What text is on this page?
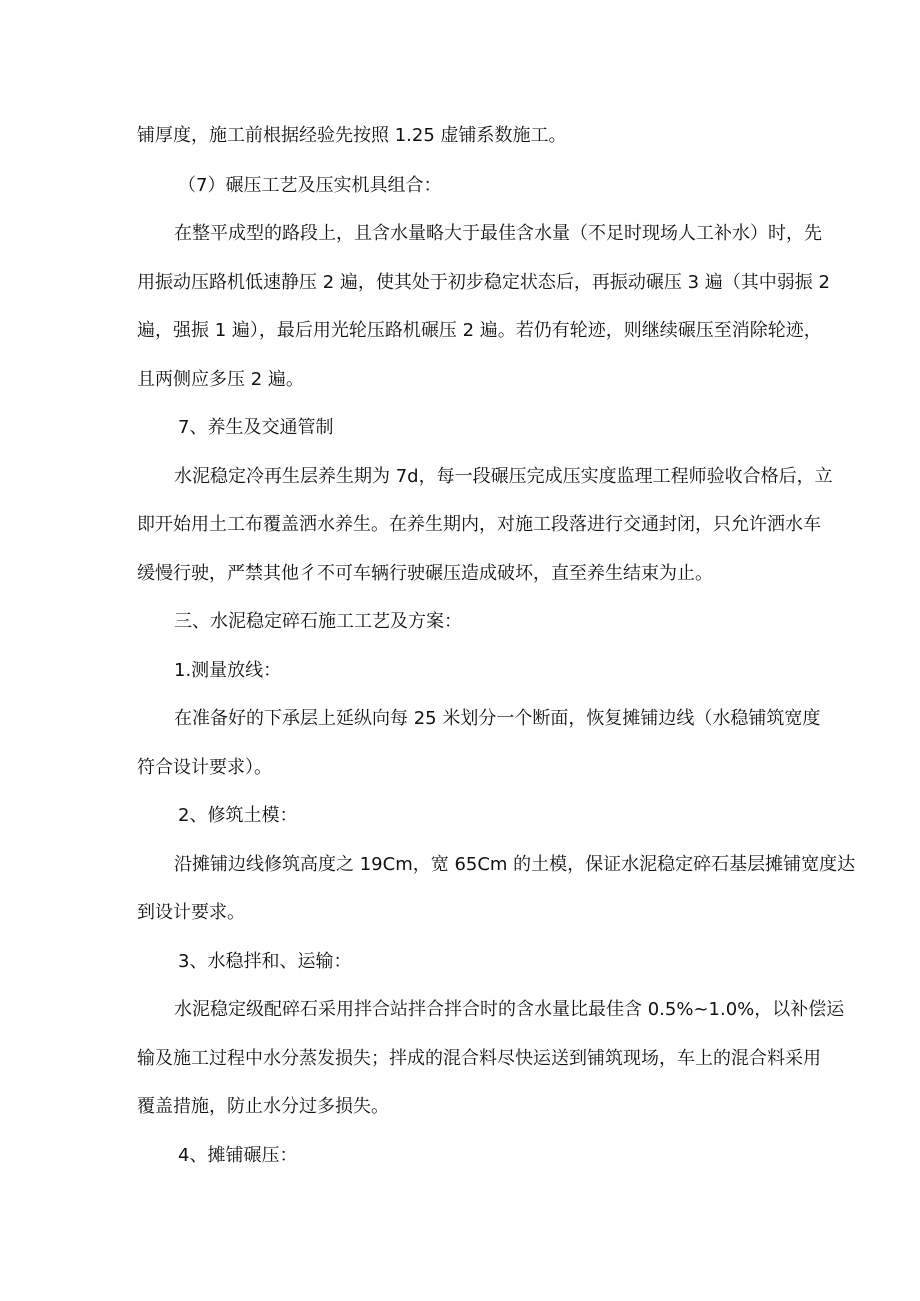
铺厚度，施工前根据经验先按照 1.25 虚铺系数施工。
（7）碾压工艺及压实机具组合：
在整平成型的路段上，且含水量略大于最佳含水量（不足时现场人工补水）时，先
用振动压路机低速静压 2 遍，使其处于初步稳定状态后，再振动碾压 3 遍（其中弱振 2
遍，强振 1 遍），最后用光轮压路机碾压 2 遍。若仍有轮迹，则继续碾压至消除轮迹，
且两侧应多压 2 遍。
7、养生及交通管制
水泥稳定冷再生层养生期为 7d，每一段碾压完成压实度监理工程师验收合格后，立
即开始用土工布覆盖洒水养生。在养生期内，对施工段落进行交通封闭，只允许洒水车
缓慢行驶，严禁其他彳不可车辆行驶碾压造成破坏，直至养生结束为止。
三、水泥稳定碎石施工工艺及方案：
1.测量放线：
在准备好的下承层上延纵向每 25 米划分一个断面，恢复摊铺边线（水稳铺筑宽度
符合设计要求）。
2、修筑土模：
沿摊铺边线修筑高度之 19Cm，宽 65Cm 的土模，保证水泥稳定碎石基层摊铺宽度达
到设计要求。
3、水稳拌和、运输：
水泥稳定级配碎石采用拌合站拌合拌合时的含水量比最佳含 0.5%~1.0%，以补偿运
输及施工过程中水分蒸发损失；拌成的混合料尽快运送到铺筑现场，车上的混合料采用
覆盖措施，防止水分过多损失。
4、摊铺碾压：
